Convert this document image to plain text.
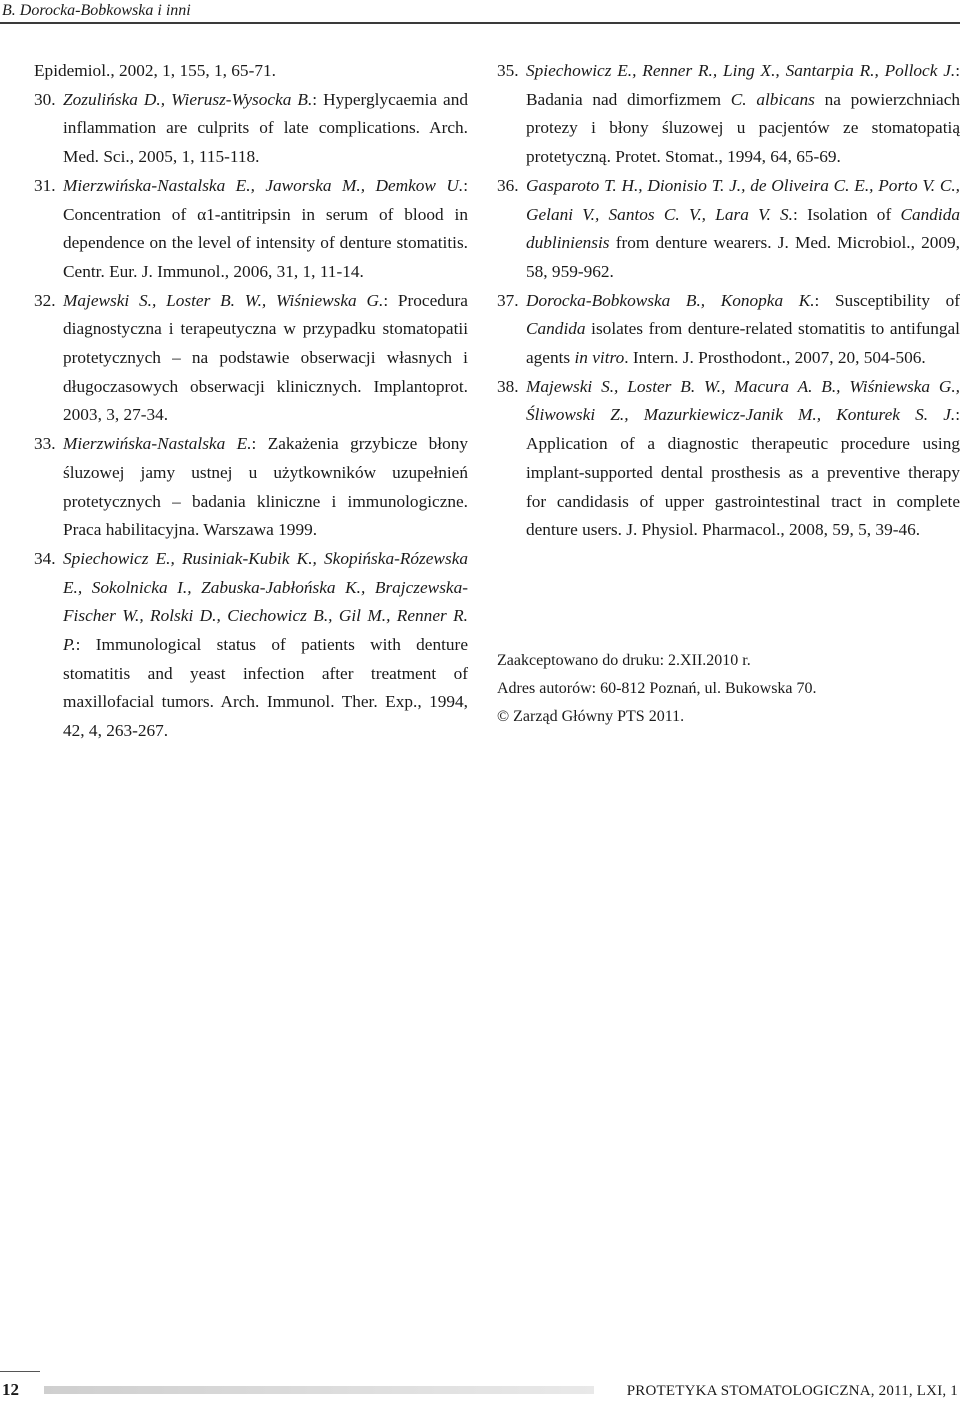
B. Dorocka-Bobkowska i inni

Epidemiol., 2002, 1, 155, 1, 65-71.

30. Zozulińska D., Wierusz-Wysocka B.: Hyperglycaemia and inflammation are culprits of late complications. Arch. Med. Sci., 2005, 1, 115-118.

31. Mierzwińska-Nastalska E., Jaworska M., Demkow U.: Concentration of α1-antitripsin in serum of blood in dependence on the level of intensity of denture stomatitis. Centr. Eur. J. Immunol., 2006, 31, 1, 11-14.

32. Majewski S., Loster B. W., Wiśniewska G.: Procedura diagnostyczna i terapeutyczna w przypadku stomatopatii protetycznych – na podstawie obserwacji własnych i długoczasowych obserwacji klinicznych. Implantoprot. 2003, 3, 27-34.

33. Mierzwińska-Nastalska E.: Zakażenia grzybicze błony śluzowej jamy ustnej u użytkowników uzupełnień protetycznych – badania kliniczne i immunologiczne. Praca habilitacyjna. Warszawa 1999.

34. Spiechowicz E., Rusiniak-Kubik K., Skopińska-Rózewska E., Sokolnicka I., Zabuska-Jabłońska K., Brajczewska-Fischer W., Rolski D., Ciechowicz B., Gil M., Renner R. P.: Immunological status of patients with denture stomatitis and yeast infection after treatment of maxillofacial tumors. Arch. Immunol. Ther. Exp., 1994, 42, 4, 263-267.

35. Spiechowicz E., Renner R., Ling X., Santarpia R., Pollock J.: Badania nad dimorfizmem C. albicans na powierzchniach protezy i błony śluzowej u pacjentów ze stomatopatią protetyczną. Protet. Stomat., 1994, 64, 65-69.

36. Gasparoto T. H., Dionisio T. J., de Oliveira C. E., Porto V. C., Gelani V., Santos C. V., Lara V. S.: Isolation of Candida dubliniensis from denture wearers. J. Med. Microbiol., 2009, 58, 959-962.

37. Dorocka-Bobkowska B., Konopka K.: Susceptibility of Candida isolates from denture-related stomatitis to antifungal agents in vitro. Intern. J. Prosthodont., 2007, 20, 504-506.

38. Majewski S., Loster B. W., Macura A. B., Wiśniewska G., Śliwowski Z., Mazurkiewicz-Janik M., Konturek S. J.: Application of a diagnostic therapeutic procedure using implant-supported dental prosthesis as a preventive therapy for candidasis of upper gastrointestinal tract in complete denture users. J. Physiol. Pharmacol., 2008, 59, 5, 39-46.

Zaakceptowano do druku: 2.XII.2010 r.

Adres autorów: 60-812 Poznań, ul. Bukowska 70.

© Zarząd Główny PTS 2011.

12	PROTETYKA STOMATOLOGICZNA, 2011, LXI, 1
